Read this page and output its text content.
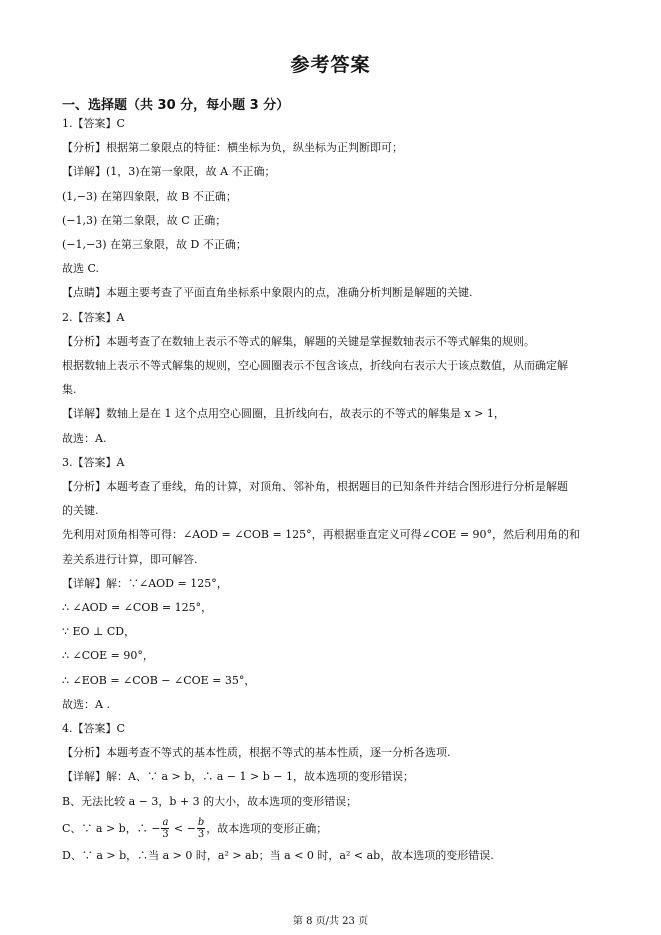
参考答案
一、选择题（共 30 分，每小题 3 分）
1.【答案】C
【分析】根据第二象限点的特征：横坐标为负，纵坐标为正判断即可；
【详解】(1，3)在第一象限，故 A 不正确；
(1,−3) 在第四象限，故 B 不正确；
(−1,3) 在第二象限，故 C 正确；
(−1,−3) 在第三象限，故 D 不正确；
故选 C.
【点睛】本题主要考查了平面直角坐标系中象限内的点，准确分析判断是解题的关键.
2.【答案】A
【分析】本题考查了在数轴上表示不等式的解集，解题的关键是掌握数轴表示不等式解集的规则。
根据数轴上表示不等式解集的规则，空心圆圈表示不包含该点，折线向右表示大于该点数值，从而确定解
集.
【详解】数轴上是在 1 这个点用空心圆圈，且折线向右，故表示的不等式的解集是 x > 1，
故选：A.
3.【答案】A
【分析】本题考查了垂线，角的计算，对顶角、邻补角，根据题目的已知条件并结合图形进行分析是解题
的关键.
先利用对顶角相等可得：∠AOD = ∠COB = 125°，再根据垂直定义可得∠COE = 90°，然后利用角的和
差关系进行计算，即可解答.
【详解】解：∵∠AOD = 125°，
∴ ∠AOD = ∠COB = 125°，
∵ EO ⊥ CD，
∴ ∠COE = 90°，
∴ ∠EOB = ∠COB − ∠COE = 35°，
故选：A .
4.【答案】C
【分析】本题考查不等式的基本性质，根据不等式的基本性质，逐一分析各选项.
【详解】解：A、∵ a > b，∴ a − 1 > b − 1，故本选项的变形错误；
B、无法比较 a − 3，b + 3 的大小，故本选项的变形错误；
C、∵ a > b，∴ − $\frac{a}{3}$ < − $\frac{b}{3}$ ，故本选项的变形正确；
D、∵ a > b，∴当 a > 0 时，a² > ab；当 a < 0 时，a² < ab，故本选项的变形错误.
第 8 页/共 23 页
